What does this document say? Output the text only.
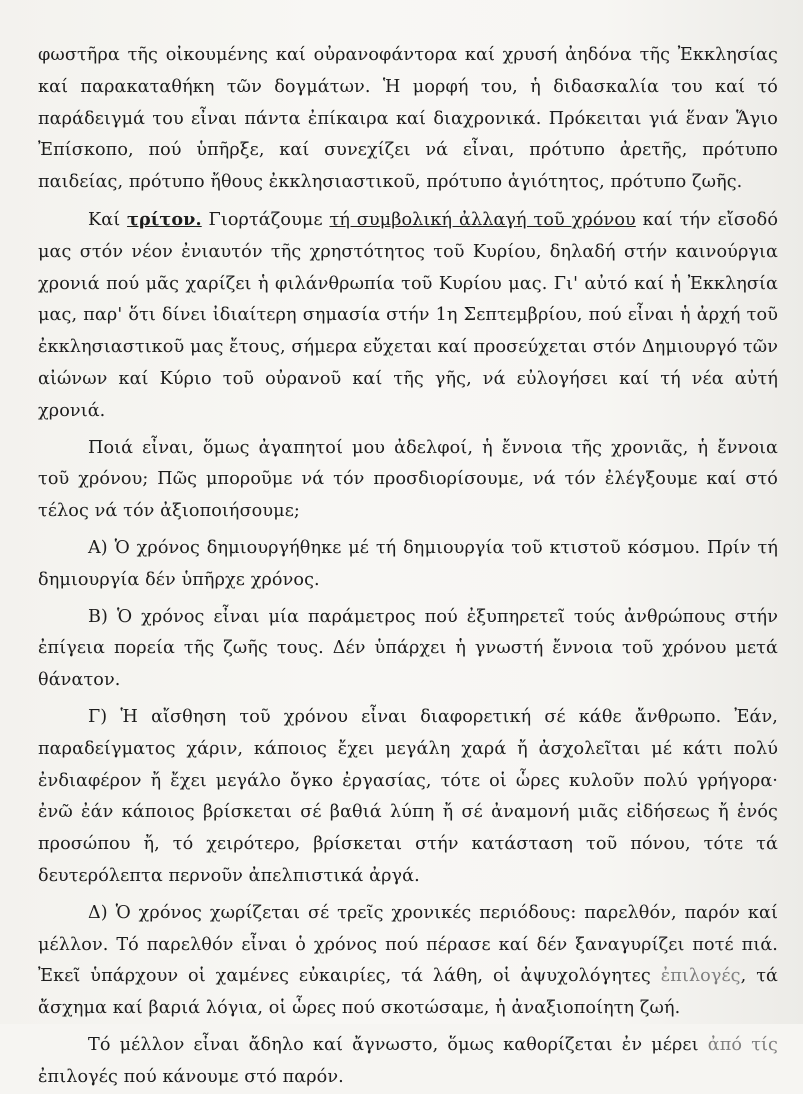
φωστῆρα τῆς οἰκουμένης καί οὐρανοφάντορα καί χρυσή ἀηδόνα τῆς Ἐκκλησίας καί παρακαταθήκη τῶν δογμάτων. Ἡ μορφή του, ἡ διδασκαλία του καί τό παράδειγμά του εἶναι πάντα ἐπίκαιρα καί διαχρονικά. Πρόκειται γιά ἕναν Ἅγιο Ἐπίσκοπο, πού ὑπῆρξε, καί συνεχίζει νά εἶναι, πρότυπο ἀρετῆς, πρότυπο παιδείας, πρότυπο ἤθους ἐκκλησιαστικοῦ, πρότυπο ἁγιότητος, πρότυπο ζωῆς.

Καί τρίτον. Γιορτάζουμε τή συμβολική ἀλλαγή τοῦ χρόνου καί τήν εἴσοδό μας στόν νέον ἐνιαυτόν τῆς χρηστότητος τοῦ Κυρίου, δηλαδή στήν καινούργια χρονιά πού μᾶς χαρίζει ἡ φιλάνθρωπία τοῦ Κυρίου μας. Γι' αὐτό καί ἡ Ἐκκλησία μας, παρ' ὅτι δίνει ἰδιαίτερη σημασία στήν 1η Σεπτεμβρίου, πού εἶναι ἡ ἀρχή τοῦ ἐκκλησιαστικοῦ μας ἔτους, σήμερα εὔχεται καί προσεύχεται στόν Δημιουργό τῶν αἰώνων καί Κύριο τοῦ οὐρανοῦ καί τῆς γῆς, νά εὐλογήσει καί τή νέα αὐτή χρονιά.

Ποιά εἶναι, ὅμως ἀγαπητοί μου ἀδελφοί, ἡ ἔννοια τῆς χρονιᾶς, ἡ ἔννοια τοῦ χρόνου; Πῶς μποροῦμε νά τόν προσδιορίσουμε, νά τόν ἐλέγξουμε καί στό τέλος νά τόν ἀξιοποιήσουμε;

Α) Ὁ χρόνος δημιουργήθηκε μέ τή δημιουργία τοῦ κτιστοῦ κόσμου. Πρίν τή δημιουργία δέν ὑπῆρχε χρόνος.

Β) Ὁ χρόνος εἶναι μία παράμετρος πού ἐξυπηρετεῖ τούς ἀνθρώπους στήν ἐπίγεια πορεία τῆς ζωῆς τους. Δέν ὑπάρχει ἡ γνωστή ἔννοια τοῦ χρόνου μετά θάνατον.

Γ) Ἡ αἴσθηση τοῦ χρόνου εἶναι διαφορετική σέ κάθε ἄνθρωπο. Ἐάν, παραδείγματος χάριν, κάποιος ἔχει μεγάλη χαρά ἤ ἀσχολεῖται μέ κάτι πολύ ἐνδιαφέρον ἤ ἔχει μεγάλο ὄγκο ἐργασίας, τότε οἱ ὧρες κυλοῦν πολύ γρήγορα· ἐνῶ ἐάν κάποιος βρίσκεται σέ βαθιά λύπη ἤ σέ ἀναμονή μιᾶς εἰδήσεως ἤ ἑνός προσώπου ἤ, τό χειρότερο, βρίσκεται στήν κατάσταση τοῦ πόνου, τότε τά δευτερόλεπτα περνοῦν ἀπελπιστικά ἀργά.

Δ) Ὁ χρόνος χωρίζεται σέ τρεῖς χρονικές περιόδους: παρελθόν, παρόν καί μέλλον. Τό παρελθόν εἶναι ὁ χρόνος πού πέρασε καί δέν ξαναγυρίζει ποτέ πιά. Ἐκεῖ ὑπάρχουν οἱ χαμένες εὐκαιρίες, τά λάθη, οἱ ἀψυχολόγητες ἐπιλογές, τά ἄσχημα καί βαριά λόγια, οἱ ὧρες πού σκοτώσαμε, ἡ ἀναξιοποίητη ζωή.

Τό μέλλον εἶναι ἄδηλο καί ἄγνωστο, ὅμως καθορίζεται ἐν μέρει ἀπό τίς ἐπιλογές πού κάνουμε στό παρόν.
